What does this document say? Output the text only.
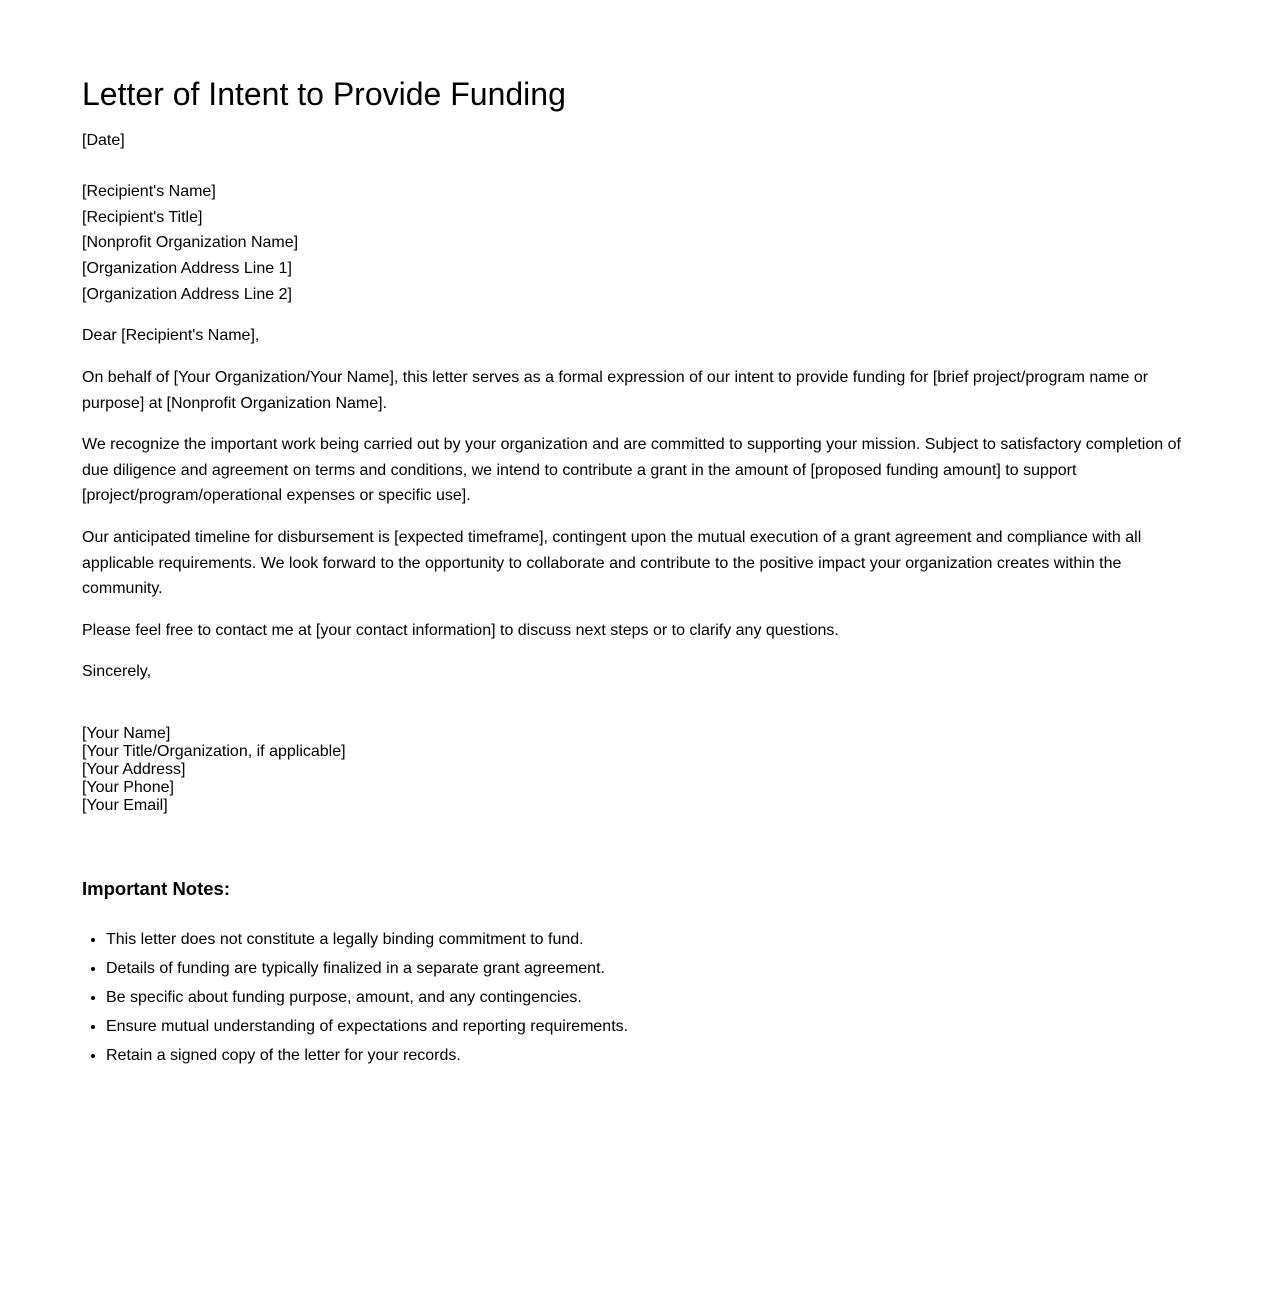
Letter of Intent to Provide Funding

[Date]

[Recipient's Name]

[Recipient's Title]

[Nonprofit Organization Name]

[Organization Address Line 1]

[Organization Address Line 2]

Dear [Recipient's Name],

On behalf of [Your Organization/Your Name], this letter serves as a formal expression of our intent to provide funding for [brief project/program name or purpose] at [Nonprofit Organization Name].

We recognize the important work being carried out by your organization and are committed to supporting your mission. Subject to satisfactory completion of due diligence and agreement on terms and conditions, we intend to contribute a grant in the amount of [proposed funding amount] to support [project/program/operational expenses or specific use].

Our anticipated timeline for disbursement is [expected timeframe], contingent upon the mutual execution of a grant agreement and compliance with all applicable requirements. We look forward to the opportunity to collaborate and contribute to the positive impact your organization creates within the community.

Please feel free to contact me at [your contact information] to discuss next steps or to clarify any questions.

Sincerely,

[Your Name]

[Your Title/Organization, if applicable]

[Your Address]

[Your Phone]

[Your Email]

Important Notes:
• This letter does not constitute a legally binding commitment to fund.
• Details of funding are typically finalized in a separate grant agreement.
• Be specific about funding purpose, amount, and any contingencies.
• Ensure mutual understanding of expectations and reporting requirements.
• Retain a signed copy of the letter for your records.
